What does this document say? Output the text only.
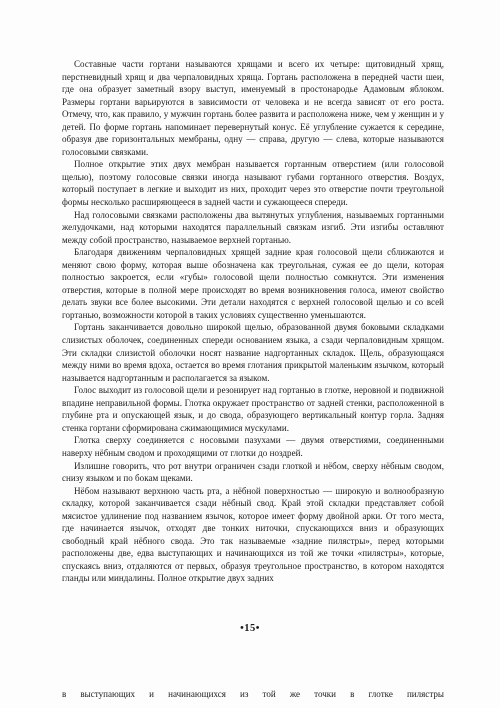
Составные части гортани называются хрящами и всего их четыре: щитовидный хрящ, перстневидный хрящ и два черпаловидных хряща. Гортань расположена в передней части шеи, где она образует заметный взору выступ, именуемый в простонародье Адамовым яблоком. Размеры гортани варьируются в зависимости от человека и не всегда зависят от его роста. Отмечу, что, как правило, у мужчин гортань более развита и расположена ниже, чем у женщин и у детей. По форме гортань напоминает перевернутый конус. Её углубление сужается к середине, образуя две горизонтальных мембраны, одну — справа, другую — слева, которые называются голосовыми связками.

Полное открытие этих двух мембран называется гортанным отверстием (или голосовой щелью), поэтому голосовые связки иногда называют губами гортанного отверстия. Воздух, который поступает в легкие и выходит из них, проходит через это отверстие почти треугольной формы несколько расширяющееся в задней части и сужающееся спереди.

Над голосовыми связками расположены два вытянутых углубления, называемых гортанными желудочками, над которыми находятся параллельный связкам изгиб. Эти изгибы оставляют между собой пространство, называемое верхней гортанью.

Благодаря движениям черпаловидных хрящей задние края голосовой щели сближаются и меняют свою форму, которая выше обозначена как треугольная, сужая ее до щели, которая полностью закроется, если «губы» голосовой щели полностью сомкнутся. Эти изменения отверстия, которые в полной мере происходят во время возникновения голоса, имеют свойство делать звуки все более высокими. Эти детали находятся с верхней голосовой щелью и со всей гортанью, возможности которой в таких условиях существенно уменьшаются.

Гортань заканчивается довольно широкой щелью, образованной двумя боковыми складками слизистых оболочек, соединенных спереди основанием языка, а сзади черпаловидным хрящом. Эти складки слизистой оболочки носят название надгортанных складок. Щель, образующаяся между ними во время вдоха, остается во время глотания прикрытой маленьким язычком, который называется надгортанным и располагается за языком.

Голос выходит из голосовой щели и резонирует над гортанью в глотке, неровной и подвижной впадине неправильной формы. Глотка окружает пространство от задней стенки, расположенной в глубине рта и опускающей язык, и до свода, образующего вертикальный контур горла. Задняя стенка гортани сформирована сжимающимися мускулами.

Глотка сверху соединяется с носовыми пазухами — двумя отверстиями, соединенными наверху нёбным сводом и проходящими от глотки до ноздрей.

Излишне говорить, что рот внутри ограничен сзади глоткой и нёбом, сверху нёбным сводом, снизу языком и по бокам щеками.

Нёбом называют верхнюю часть рта, а нёбной поверхностью — широкую и волнообразную складку, которой заканчивается сзади нёбный свод. Край этой складки представляет собой мясистое удлинение под названием язычок, которое имеет форму двойной арки. От того места, где начинается язычок, отходят две тонких ниточки, спускающихся вниз и образующих свободный край нёбного свода. Это так называемые «задние пилястры», перед которыми расположены две, едва выступающих и начинающихся из той же точки «пилястры», которые, спускаясь вниз, отдаляются от первых, образуя треугольное пространство, в котором находятся гланды или миндалины. Полное открытие двух задних

•15•

в выступающих и начинающихся из той же точки в глотке пилястры
